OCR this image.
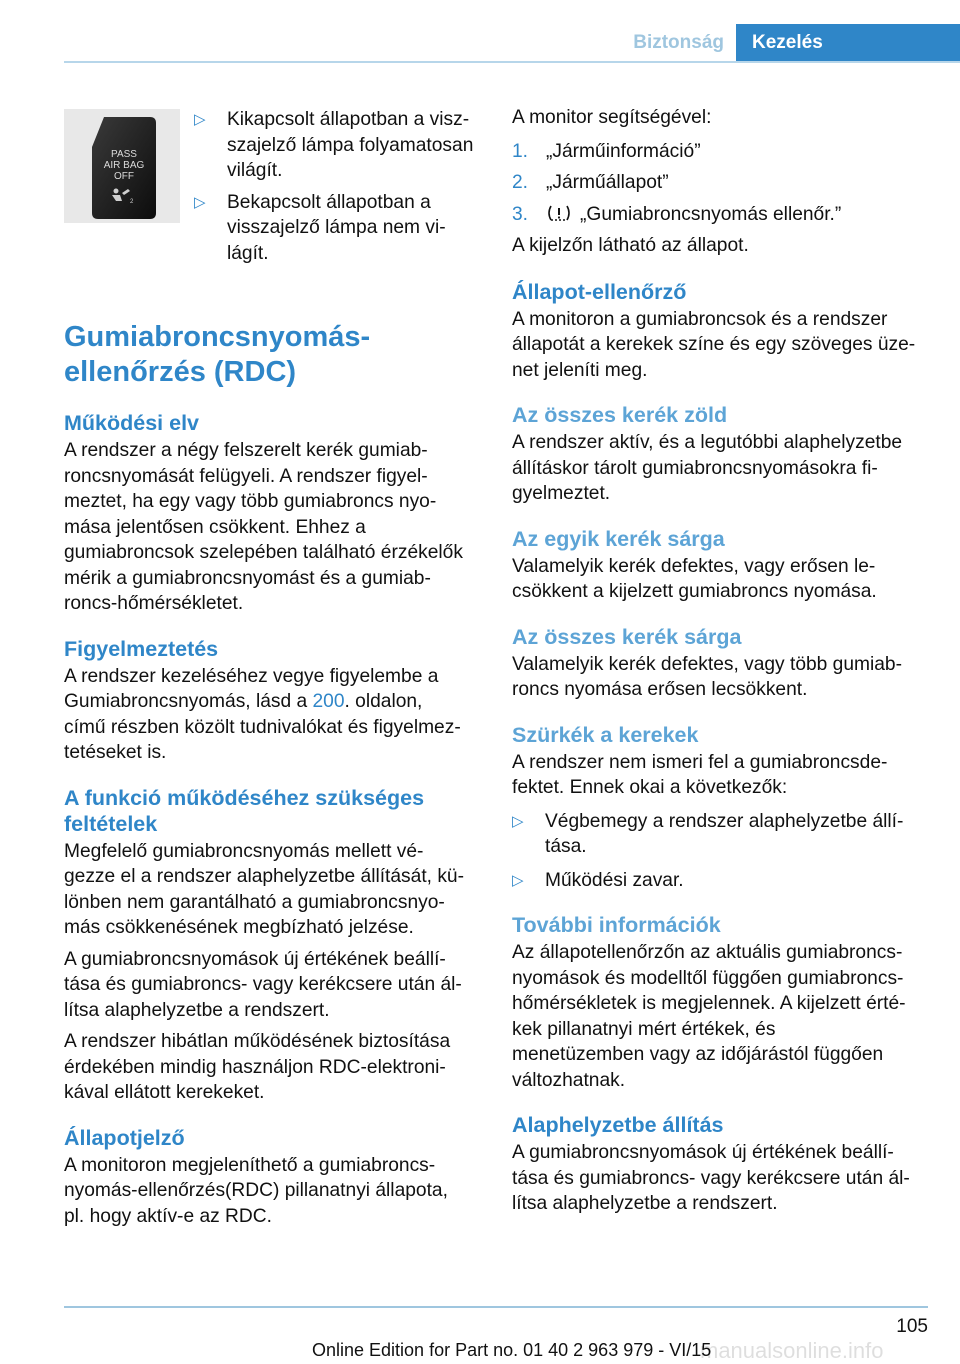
Biztonság	Kezelés
PASS
AIR BAG
OFF
2
▷ Kikapcsolt állapotban a visz-
szajelző lámpa folyamatosan
világít.
▷ Bekapcsolt állapotban a
visszajelző lámpa nem vi-
lágít.
Gumiabroncsnyomás-
ellenőrzés (RDC)
Működési elv

A rendszer a négy felszerelt kerék gumiab-
roncsnyomását felügyeli. A rendszer figyel-
meztet, ha egy vagy több gumiabroncs nyo-
mása jelentősen csökkent. Ehhez a
gumiabroncsok szelepében található érzékelők
mérik a gumiabroncsnyomást és a gumiab-
roncs-hőmérsékletet.

Figyelmeztetés

A rendszer kezeléséhez vegye figyelembe a
Gumiabroncsnyomás, lásd a 200. oldalon,
című részben közölt tudnivalókat és figyelmez-
tetéseket is.

A funkció működéséhez szükséges
feltételek

Megfelelő gumiabroncsnyomás mellett vé-
gezze el a rendszer alaphelyzetbe állítását, kü-
lönben nem garantálható a gumiabroncsnyo-
más csökkenésének megbízható jelzése.

A gumiabroncsnyomások új értékének beállí-
tása és gumiabroncs- vagy kerékcsere után ál-
lítsa alaphelyzetbe a rendszert.

A rendszer hibátlan működésének biztosítása
érdekében mindig használjon RDC-elektroni-
kával ellátott kerekeket.

Állapotjelző

A monitoron megjeleníthető a gumiabroncs-
nyomás-ellenőrzés(RDC) pillanatnyi állapota,
pl. hogy aktív-e az RDC.

A monitor segítségével:

1. „Járműinformáció”
2. „Járműállapot”
3.	„Gumiabroncsnyomás ellenőr.”

A kijelzőn látható az állapot.

Állapot-ellenőrző

A monitoron a gumiabroncsok és a rendszer
állapotát a kerekek színe és egy szöveges üze-
net jeleníti meg.

Az összes kerék zöld

A rendszer aktív, és a legutóbbi alaphelyzetbe
állításkor tárolt gumiabroncsnyomásokra fi-
gyelmeztet.

Az egyik kerék sárga

Valamelyik kerék defektes, vagy erősen le-
csökkent a kijelzett gumiabroncs nyomása.

Az összes kerék sárga

Valamelyik kerék defektes, vagy több gumiab-
roncs nyomása erősen lecsökkent.

Szürkék a kerekek

A rendszer nem ismeri fel a gumiabroncsde-
fektet. Ennek okai a következők:

▷ Végbemegy a rendszer alaphelyzetbe állí-
tása.
▷ Működési zavar.
További információk

Az állapotellenőrzőn az aktuális gumiabroncs-
nyomások és modelltől függően gumiabroncs-
hőmérsékletek is megjelennek. A kijelzett érté-
kek pillanatnyi mért értékek, és
menetüzemben vagy az időjárástól függően
változhatnak.

Alaphelyzetbe állítás

A gumiabroncsnyomások új értékének beállí-
tása és gumiabroncs- vagy kerékcsere után ál-
lítsa alaphelyzetbe a rendszert.

105
Online Edition for Part no. 01 40 2 963 979 - VI/15
manualsonline.info
